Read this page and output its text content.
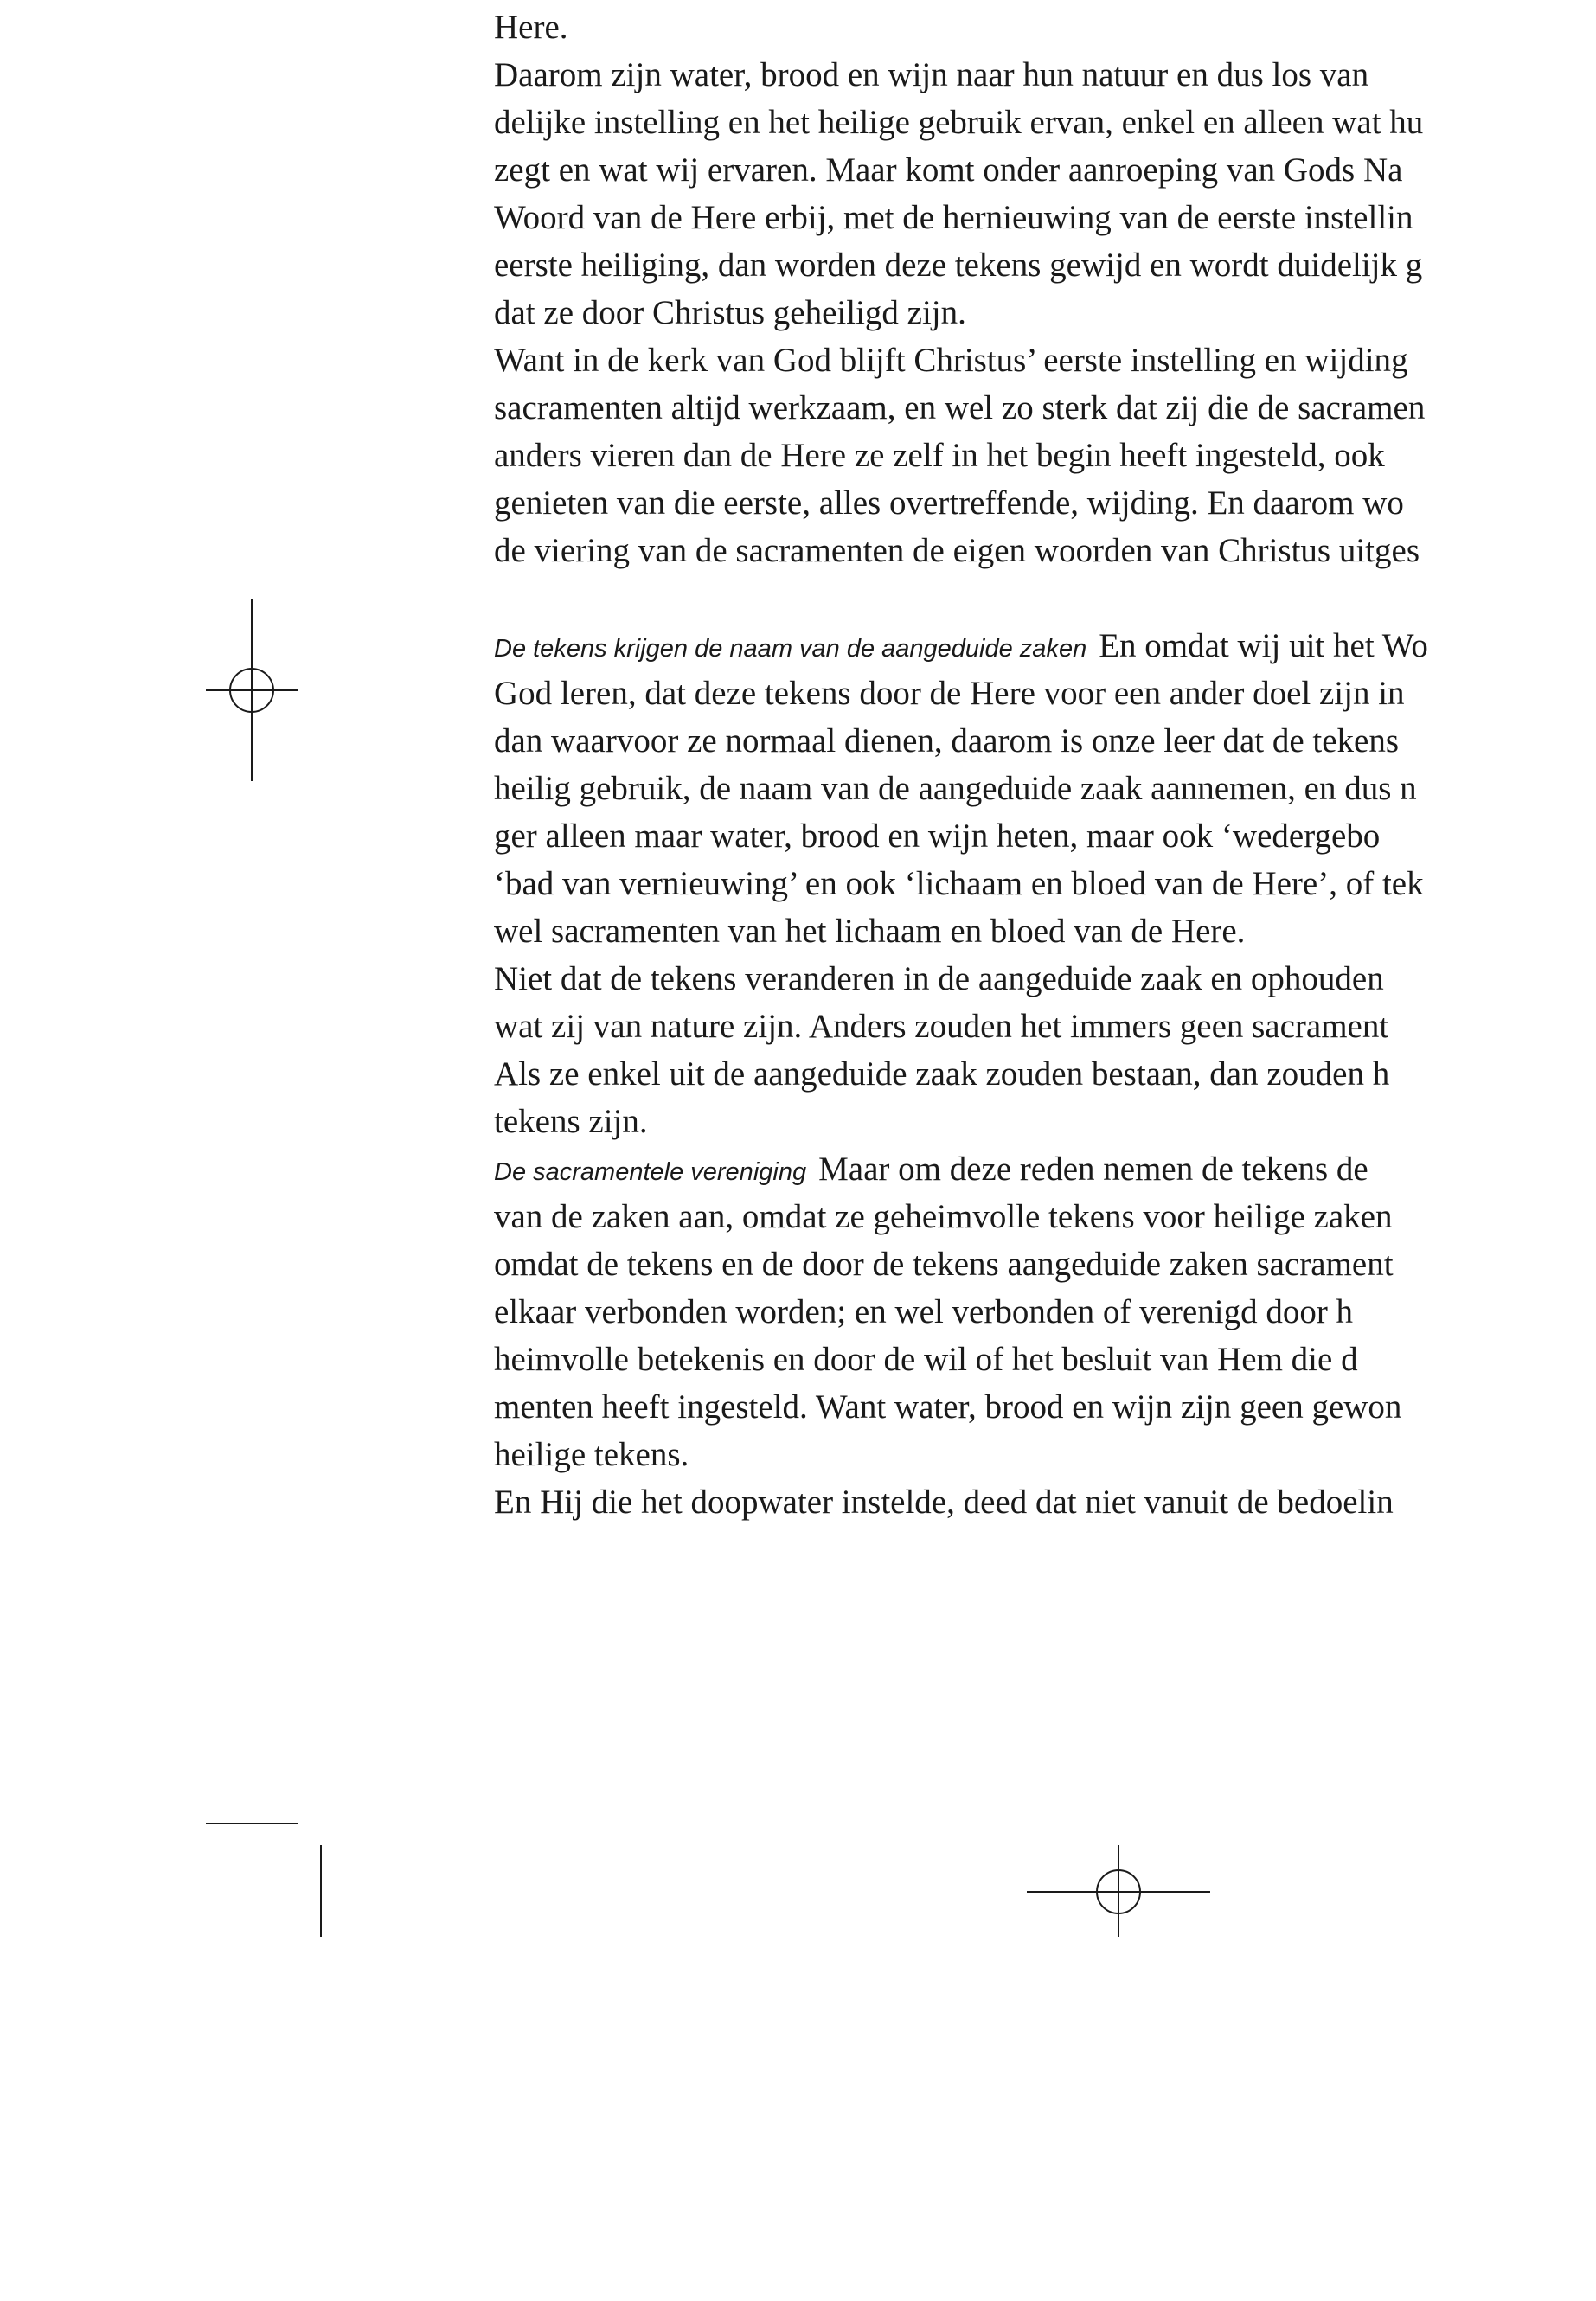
Here.
Daarom zijn water, brood en wijn naar hun natuur en dus los van
delijke instelling en het heilige gebruik ervan, enkel en alleen wat hu
zegt en wat wij ervaren. Maar komt onder aanroeping van Gods Na
Woord van de Here erbij, met de hernieuwing van de eerste instellin
eerste heiliging, dan worden deze tekens gewijd en wordt duidelijk g
dat ze door Christus geheiligd zijn.
Want in de kerk van God blijft Christus’ eerste instelling en wijding
sacramenten altijd werkzaam, en wel zo sterk dat zij die de sacramen
anders vieren dan de Here ze zelf in het begin heeft ingesteld, ook
genieten van die eerste, alles overtreffende, wijding. En daarom wo
de viering van de sacramenten de eigen woorden van Christus uitges
De tekens krijgen de naam van de aangeduide zaken En omdat wij uit het Wo
God leren, dat deze tekens door de Here voor een ander doel zijn in
dan waarvoor ze normaal dienen, daarom is onze leer dat de tekens
heilig gebruik, de naam van de aangeduide zaak aannemen, en dus n
ger alleen maar water, brood en wijn heten, maar ook ‘wedergebo
‘bad van vernieuwing’ en ook ‘lichaam en bloed van de Here’, of tek
wel sacramenten van het lichaam en bloed van de Here.
Niet dat de tekens veranderen in de aangeduide zaak en ophouden
wat zij van nature zijn. Anders zouden het immers geen sacrament
Als ze enkel uit de aangeduide zaak zouden bestaan, dan zouden h
tekens zijn.
De sacramentele vereniging Maar om deze reden nemen de tekens de
van de zaken aan, omdat ze geheimvolle tekens voor heilige zaken
omdat de tekens en de door de tekens aangeduide zaken sacrament
elkaar verbonden worden; en wel verbonden of verenigd door h
heimvolle betekenis en door de wil of het besluit van Hem die d
menten heeft ingesteld. Want water, brood en wijn zijn geen gewon
heilige tekens.
En Hij die het doopwater instelde, deed dat niet vanuit de bedoelin
